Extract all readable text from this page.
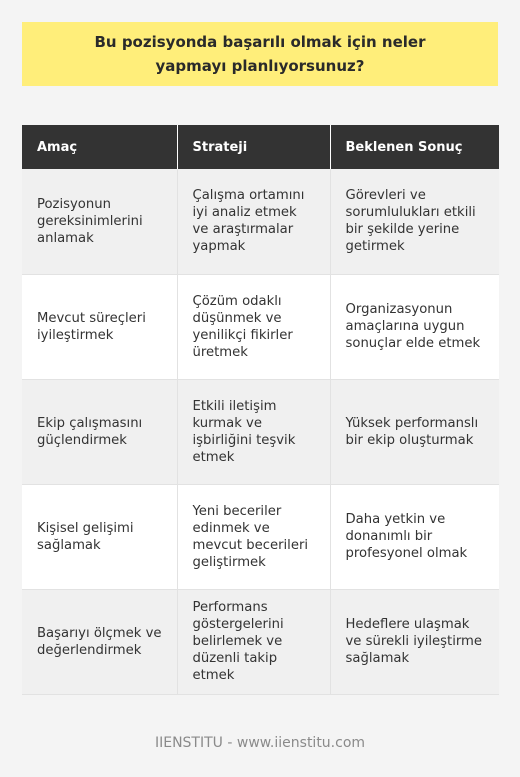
Bu pozisyonda başarılı olmak için neler yapmayı planlıyorsunuz?
Amaç	Strateji	Beklenen Sonuç
Pozisyonun gereksinimlerini anlamak	Çalışma ortamını iyi analiz etmek ve araştırmalar yapmak	Görevleri ve sorumlulukları etkili bir şekilde yerine getirmek
Mevcut süreçleri iyileştirmek	Çözüm odaklı düşünmek ve yenilikçi fikirler üretmek	Organizasyonun amaçlarına uygun sonuçlar elde etmek
Ekip çalışmasını güçlendirmek	Etkili iletişim kurmak ve işbirliğini teşvik etmek	Yüksek performanslı bir ekip oluşturmak
Kişisel gelişimi sağlamak	Yeni beceriler edinmek ve mevcut becerileri geliştirmek	Daha yetkin ve donanımlı bir profesyonel olmak
Başarıyı ölçmek ve değerlendirmek	Performans göstergelerini belirlemek ve düzenli takip etmek	Hedeflere ulaşmak ve sürekli iyileştirme sağlamak
IIENSTITU - www.iienstitu.com
